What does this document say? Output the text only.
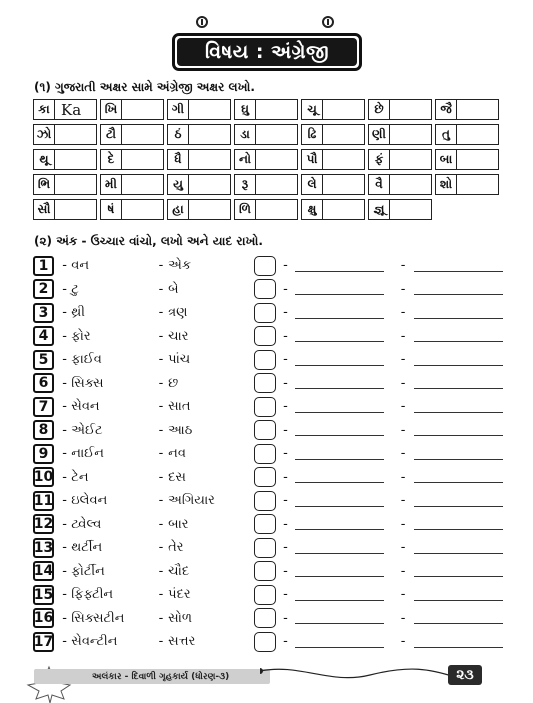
વિષય : અંગ્રેજી
(૧) ગુજરાતી અક્ષર સામે અંગ્રેજી અક્ષર લખો.
કા Ka	ખિ	ગી	ઘુ	ચૂ	છે	જૈ
ઝો	ટૌ	ઠં	ડા	ઢિ	ણી	તુ
થૂ	દે	ધૈ	નો	પૌ	ફં	બા
ભિ	મી	યુ	રૂ	લે	વૈ	શો
સૌ	ષં	હા	ળિ	ક્ષુ	જ્ઞૂ
(૨) અંક - ઉચ્ચાર વાંચો, લખો અને યાદ રાખો.
1	- વન	- એક	-	-
2	- ટુ	- બે	-	-
3	- થ્રી	- ત્રણ	-	-
4	- ફોર	- ચાર	-	-
5	- ફાઈવ	- પાંચ	-	-
6	- સિક્સ	- છ	-	-
7	- સેવન	- સાત	-	-
8	- એઈટ	- આઠ	-	-
9	- નાઈન	- નવ	-	-
10 - ટેન	- દસ	-	-
11 - ઇલેવન	- અગિયાર	-	-
12 - ટ્વેલ્વ	- બાર	-	-
13 - થર્ટીન	- તેર	-	-
14 - ફોર્ટીન	- ચૌદ	-	-
15 - ફિફ્ટીન	- પંદર	-	-
16 - સિક્સટીન	- સોળ	-	-
17 - સેવન્ટીન	- સત્તર	-	-
અલંકાર - દિવાળી ગૃહકાર્ય (ધોરણ-૩)	૨૩
